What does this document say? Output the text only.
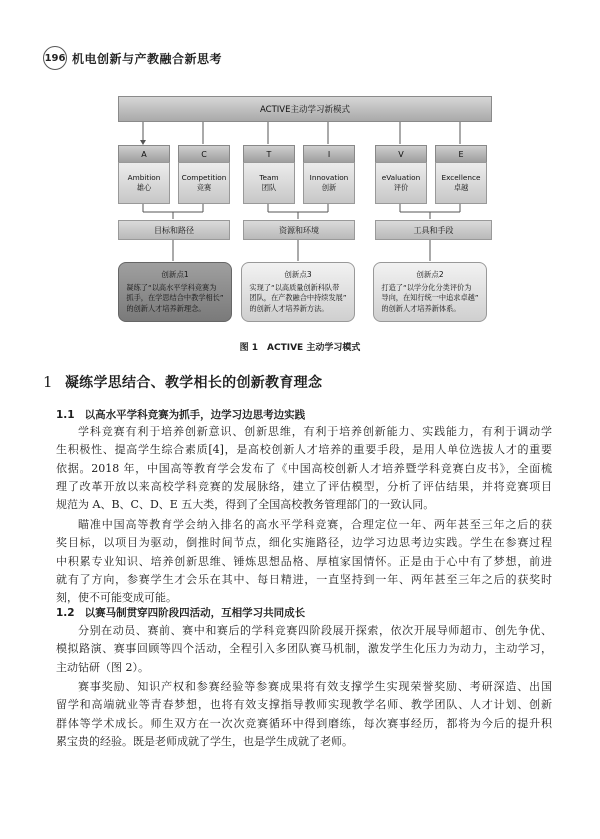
196 机电创新与产教融合新思考
ACTIVE主动学习新模式
A	C	T	I	V	E
Ambition
雄心
Competition
竞赛
Team
团队
Innovation
创新
eValuation
评价
Excellence
卓越
目标和路径	资源和环境	工具和手段
创新点1
凝练了“以高水平学科竞赛为
抓手，在学思结合中教学相长”
的创新人才培养新理念。
创新点3
实现了“以高质量创新科队带
团队，在产教融合中持续发展”
的创新人才培养新方法。
创新点2
打造了“以学分化分类评价为
导向，在知行统一中追求卓越”
的创新人才培养新体系。
图 1　ACTIVE 主动学习模式
1 凝练学思结合、教学相长的创新教育理念
1.1 以高水平学科竞赛为抓手，边学习边思考边实践
学科竞赛有利于培养创新意识、创新思维，有利于培养创新能力、实践能力，有利于调动学
生积极性、提高学生综合素质[4]，是高校创新人才培养的重要手段，是用人单位选拔人才的重要
依据。2018 年，中国高等教育学会发布了《中国高校创新人才培养暨学科竞赛白皮书》，全面梳
理了改革开放以来高校学科竞赛的发展脉络，建立了评估模型，分析了评估结果，并将竞赛项目
规范为 A、B、C、D、E 五大类，得到了全国高校教务管理部门的一致认同。
瞄准中国高等教育学会纳入排名的高水平学科竞赛，合理定位一年、两年甚至三年之后的获
奖目标，以项目为驱动，倒推时间节点，细化实施路径，边学习边思考边实践。学生在参赛过程
中积累专业知识、培养创新思维、锤炼思想品格、厚植家国情怀。正是由于心中有了梦想，前进
就有了方向，参赛学生才会乐在其中、每日精进，一直坚持到一年、两年甚至三年之后的获奖时
刻，使不可能变成可能。
1.2 以赛马制贯穿四阶段四活动，互相学习共同成长
分别在动员、赛前、赛中和赛后的学科竞赛四阶段展开探索，依次开展导师超市、创先争优、
模拟路演、赛事回顾等四个活动，全程引入多团队赛马机制，激发学生化压力为动力，主动学习，
主动钻研（图 2）。
赛事奖励、知识产权和参赛经验等参赛成果将有效支撑学生实现荣誉奖励、考研深造、出国
留学和高端就业等青春梦想，也将有效支撑指导教师实现教学名师、教学团队、人才计划、创新
群体等学术成长。师生双方在一次次竞赛循环中得到磨练，每次赛事经历，都将为今后的提升积
累宝贵的经验。既是老师成就了学生，也是学生成就了老师。
